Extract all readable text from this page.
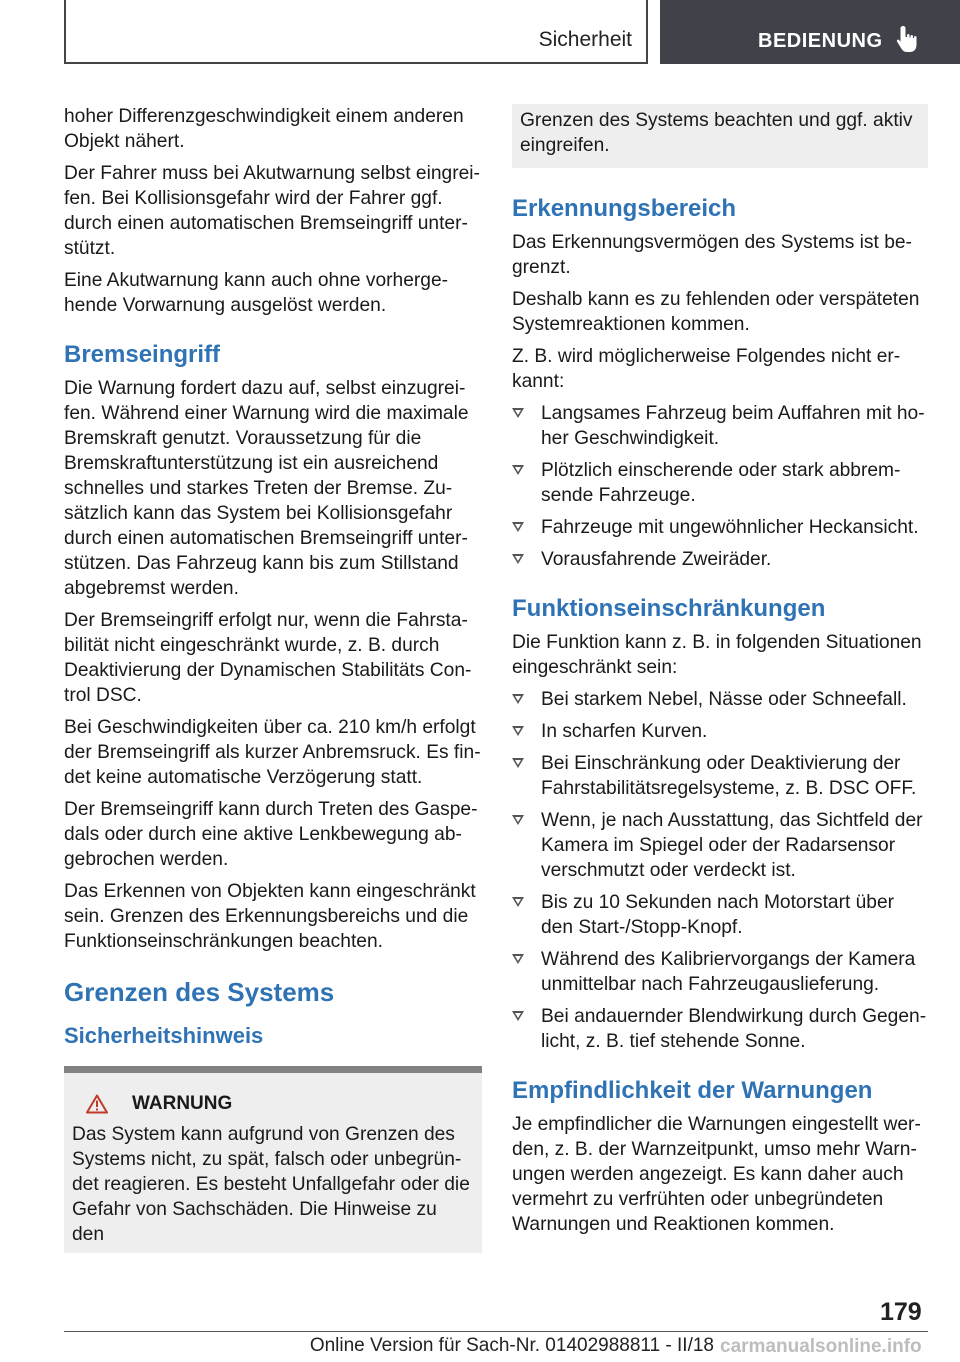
Sicherheit	BEDIENUNG

hoher Differenzgeschwindigkeit einem anderen Objekt nähert.

Der Fahrer muss bei Akutwarnung selbst eingreifen. Bei Kollisionsgefahr wird der Fahrer ggf. durch einen automatischen Bremseingriff unterstützt.

Eine Akutwarnung kann auch ohne vorhergehende Vorwarnung ausgelöst werden.

Bremseingriff

Die Warnung fordert dazu auf, selbst einzugreifen. Während einer Warnung wird die maximale Bremskraft genutzt. Voraussetzung für die Bremskraftunterstützung ist ein ausreichend schnelles und starkes Treten der Bremse. Zusätzlich kann das System bei Kollisionsgefahr durch einen automatischen Bremseingriff unterstützen. Das Fahrzeug kann bis zum Stillstand abgebremst werden.

Der Bremseingriff erfolgt nur, wenn die Fahrstabilität nicht eingeschränkt wurde, z. B. durch Deaktivierung der Dynamischen Stabilitäts Control DSC.

Bei Geschwindigkeiten über ca. 210 km/h erfolgt der Bremseingriff als kurzer Anbremsruck. Es findet keine automatische Verzögerung statt.

Der Bremseingriff kann durch Treten des Gaspedals oder durch eine aktive Lenkbewegung abgebrochen werden.

Das Erkennen von Objekten kann eingeschränkt sein. Grenzen des Erkennungsbereichs und die Funktionseinschränkungen beachten.

Grenzen des Systems
Sicherheitshinweis
WARNUNG

Das System kann aufgrund von Grenzen des Systems nicht, zu spät, falsch oder unbegründet reagieren. Es besteht Unfallgefahr oder die Gefahr von Sachschäden. Die Hinweise zu den

Grenzen des Systems beachten und ggf. aktiv eingreifen.

Erkennungsbereich

Das Erkennungsvermögen des Systems ist begrenzt.

Deshalb kann es zu fehlenden oder verspäteten Systemreaktionen kommen.

Z. B. wird möglicherweise Folgendes nicht erkannt:

Langsames Fahrzeug beim Auffahren mit hoher Geschwindigkeit.
Plötzlich einscherende oder stark abbremsende Fahrzeuge.
Fahrzeuge mit ungewöhnlicher Heckansicht.
Vorausfahrende Zweiräder.
Funktionseinschränkungen

Die Funktion kann z. B. in folgenden Situationen eingeschränkt sein:

Bei starkem Nebel, Nässe oder Schneefall.
In scharfen Kurven.
Bei Einschränkung oder Deaktivierung der Fahrstabilitätsregelsysteme, z. B. DSC OFF.
Wenn, je nach Ausstattung, das Sichtfeld der Kamera im Spiegel oder der Radarsensor verschmutzt oder verdeckt ist.
Bis zu 10 Sekunden nach Motorstart über den Start-/Stopp-Knopf.
Während des Kalibriervorgangs der Kamera unmittelbar nach Fahrzeugauslieferung.
Bei andauernder Blendwirkung durch Gegenlicht, z. B. tief stehende Sonne.
Empfindlichkeit der Warnungen

Je empfindlicher die Warnungen eingestellt werden, z. B. der Warnzeitpunkt, umso mehr Warnungen werden angezeigt. Es kann daher auch vermehrt zu verfrühten oder unbegründeten Warnungen und Reaktionen kommen.

179
Online Version für Sach-Nr. 01402988811 - II/18 carmanualsonline.info
